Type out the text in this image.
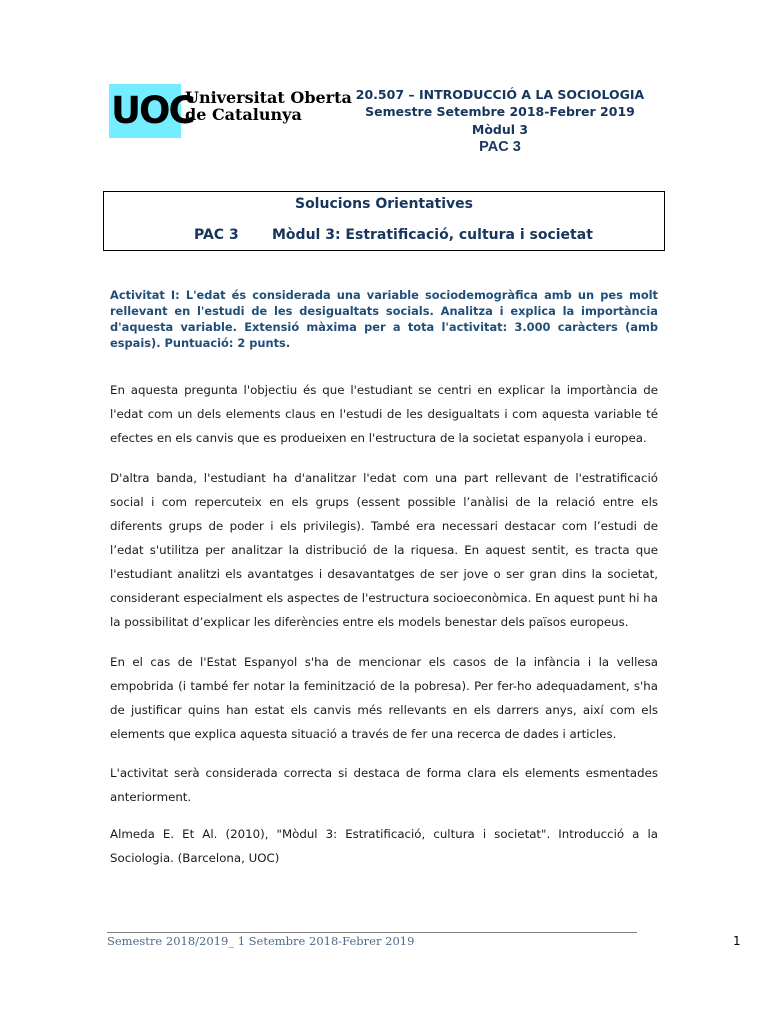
UOC
Universitat Oberta
de Catalunya
20.507 – INTRODUCCIÓ A LA SOCIOLOGIA
Semestre Setembre 2018-Febrer 2019
Mòdul 3
PAC 3
Solucions Orientatives
PAC 3 Mòdul 3: Estratificació, cultura i societat
Activitat I: L'edat és considerada una variable sociodemogràfica amb un pes molt rellevant en l'estudi de les desigualtats socials. Analitza i explica la importància d'aquesta variable. Extensió màxima per a tota l'activitat: 3.000 caràcters (amb espais). Puntuació: 2 punts.

En aquesta pregunta l'objectiu és que l'estudiant se centri en explicar la importància de l'edat com un dels elements claus en l'estudi de les desigualtats i com aquesta variable té efectes en els canvis que es produeixen en l'estructura de la societat espanyola i europea.

D'altra banda, l'estudiant ha d'analitzar l'edat com una part rellevant de l'estratificació social i com repercuteix en els grups (essent possible l’anàlisi de la relació entre els diferents grups de poder i els privilegis). També era necessari destacar com l’estudi de l’edat s'utilitza per analitzar la distribució de la riquesa. En aquest sentit, es tracta que l'estudiant analitzi els avantatges i desavantatges de ser jove o ser gran dins la societat, considerant especialment els aspectes de l'estructura socioeconòmica. En aquest punt hi ha la possibilitat d’explicar les diferències entre els models benestar dels països europeus.

En el cas de l'Estat Espanyol s'ha de mencionar els casos de la infància i la vellesa empobrida (i també fer notar la feminització de la pobresa). Per fer-ho adequadament, s'ha de justificar quins han estat els canvis més rellevants en els darrers anys, així com els elements que explica aquesta situació a través de fer una recerca de dades i articles.

L'activitat serà considerada correcta si destaca de forma clara els elements esmentades anteriorment.

Almeda E. Et Al. (2010), "Mòdul 3: Estratificació, cultura i societat". Introducció a la Sociologia. (Barcelona, UOC)

Semestre 2018/2019_ 1 Setembre 2018-Febrer 2019	1
